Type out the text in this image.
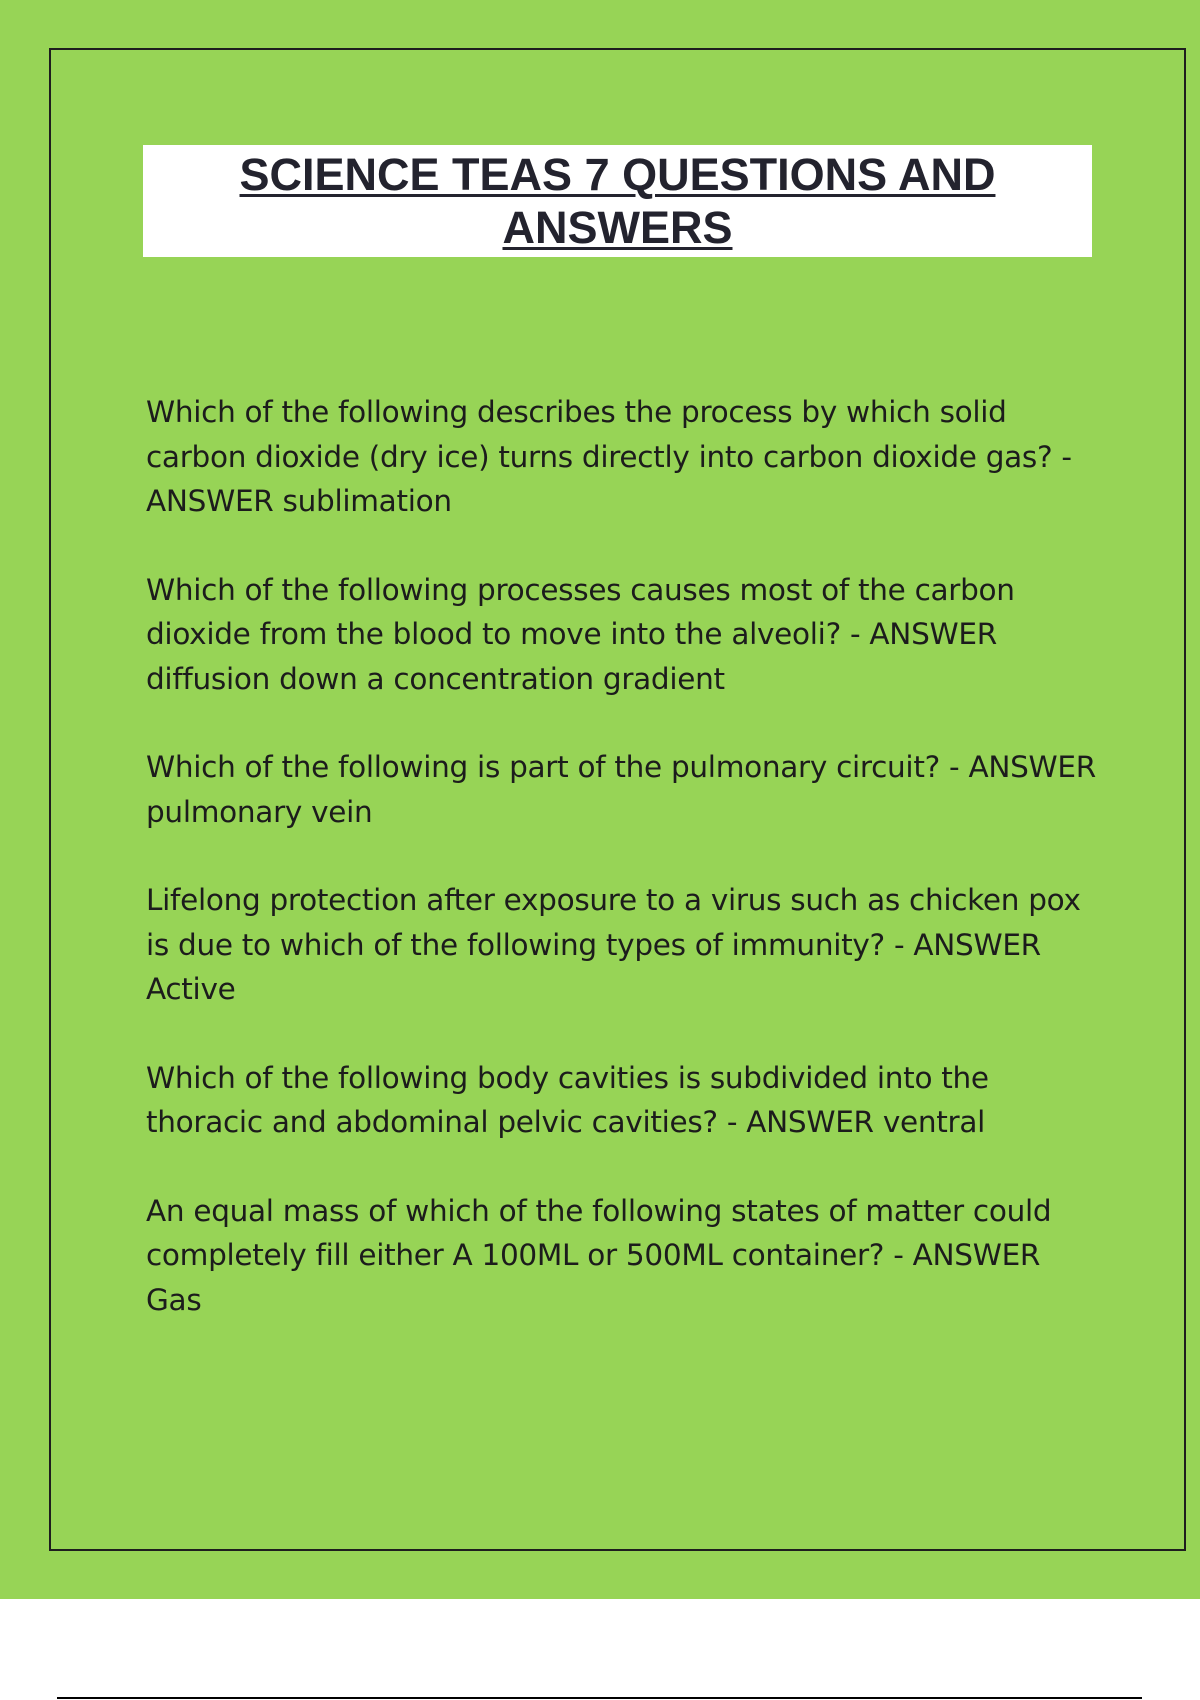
SCIENCE TEAS 7 QUESTIONS AND ANSWERS
Which of the following describes the process by which solid carbon dioxide (dry ice) turns directly into carbon dioxide gas? - ANSWER sublimation
Which of the following processes causes most of the carbon dioxide from the blood to move into the alveoli? - ANSWER diffusion down a concentration gradient
Which of the following is part of the pulmonary circuit? - ANSWER pulmonary vein
Lifelong protection after exposure to a virus such as chicken pox is due to which of the following types of immunity? - ANSWER Active
Which of the following body cavities is subdivided into the thoracic and abdominal pelvic cavities? - ANSWER ventral
An equal mass of which of the following states of matter could completely fill either A 100ML or 500ML container? - ANSWER Gas
